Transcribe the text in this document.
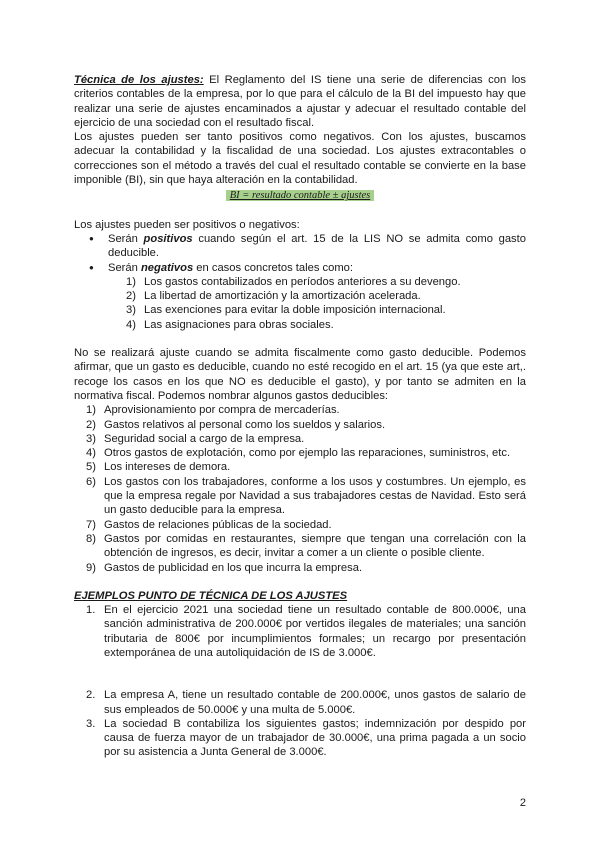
Técnica de los ajustes: El Reglamento del IS tiene una serie de diferencias con los criterios contables de la empresa, por lo que para el cálculo de la BI del impuesto hay que realizar una serie de ajustes encaminados a ajustar y adecuar el resultado contable del ejercicio de una sociedad con el resultado fiscal.

Los ajustes pueden ser tanto positivos como negativos. Con los ajustes, buscamos adecuar la contabilidad y la fiscalidad de una sociedad. Los ajustes extracontables o correcciones son el método a través del cual el resultado contable se convierte en la base imponible (BI), sin que haya alteración en la contabilidad.

BI = resultado contable ± ajustes

Los ajustes pueden ser positivos o negativos:

● Serán positivos cuando según el art. 15 de la LIS NO se admita como gasto deducible.
● Serán negativos en casos concretos tales como:
1) Los gastos contabilizados en períodos anteriores a su devengo.
2) La libertad de amortización y la amortización acelerada.
3) Las exenciones para evitar la doble imposición internacional.
4) Las asignaciones para obras sociales.

No se realizará ajuste cuando se admita fiscalmente como gasto deducible. Podemos afirmar, que un gasto es deducible, cuando no esté recogido en el art. 15 (ya que este art,. recoge los casos en los que NO es deducible el gasto), y por tanto se admiten en la normativa fiscal. Podemos nombrar algunos gastos deducibles:

1) Aprovisionamiento por compra de mercaderías.
2) Gastos relativos al personal como los sueldos y salarios.
3) Seguridad social a cargo de la empresa.
4) Otros gastos de explotación, como por ejemplo las reparaciones, suministros, etc.
5) Los intereses de demora.
6) Los gastos con los trabajadores, conforme a los usos y costumbres. Un ejemplo, es que la empresa regale por Navidad a sus trabajadores cestas de Navidad. Esto será un gasto deducible para la empresa.
7) Gastos de relaciones públicas de la sociedad.
8) Gastos por comidas en restaurantes, siempre que tengan una correlación con la obtención de ingresos, es decir, invitar a comer a un cliente o posible cliente.
9) Gastos de publicidad en los que incurra la empresa.

EJEMPLOS PUNTO DE TÉCNICA DE LOS AJUSTES

1. En el ejercicio 2021 una sociedad tiene un resultado contable de 800.000€, una sanción administrativa de 200.000€ por vertidos ilegales de materiales; una sanción tributaria de 800€ por incumplimientos formales; un recargo por presentación extemporánea de una autoliquidación de IS de 3.000€.
2. La empresa A, tiene un resultado contable de 200.000€, unos gastos de salario de sus empleados de 50.000€ y una multa de 5.000€.
3. La sociedad B contabiliza los siguientes gastos; indemnización por despido por causa de fuerza mayor de un trabajador de 30.000€, una prima pagada a un socio por su asistencia a Junta General de 3.000€.
2
